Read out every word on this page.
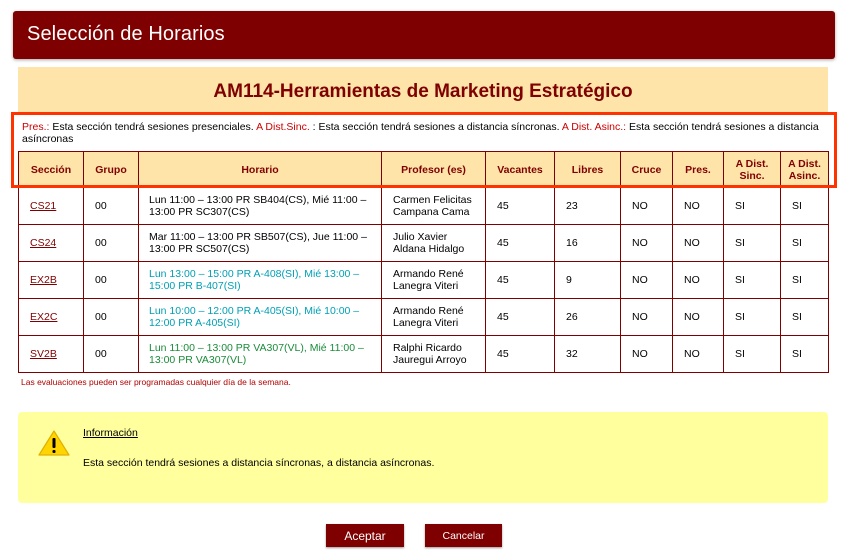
Selección de Horarios
AM114-Herramientas de Marketing Estratégico
Pres.: Esta sección tendrá sesiones presenciales. A Dist.Sinc. : Esta sección tendrá sesiones a distancia síncronas. A Dist. Asinc.: Esta sección tendrá sesiones a distancia asíncronas
Sección	Grupo	Horario	Profesor (es)	Vacantes	Libres	Cruce	Pres.	A Dist. Sinc.	A Dist. Asinc.
CS21	00	Lun 11:00 – 13:00 PR SB404(CS), Mié 11:00 – 13:00 PR SC307(CS)	Carmen Felicitas Campana Cama	45	23	NO	NO	SI	SI
CS24	00	Mar 11:00 – 13:00 PR SB507(CS), Jue 11:00 – 13:00 PR SC507(CS)	Julio Xavier Aldana Hidalgo	45	16	NO	NO	SI	SI
EX2B	00	Lun 13:00 – 15:00 PR A-408(SI), Mié 13:00 – 15:00 PR B-407(SI)	Armando René Lanegra Viteri	45	9	NO	NO	SI	SI
EX2C	00	Lun 10:00 – 12:00 PR A-405(SI), Mié 10:00 – 12:00 PR A-405(SI)	Armando René Lanegra Viteri	45	26	NO	NO	SI	SI
SV2B	00	Lun 11:00 – 13:00 PR VA307(VL), Mié 11:00 – 13:00 PR VA307(VL)	Ralphi Ricardo Jauregui Arroyo	45	32	NO	NO	SI	SI
Las evaluaciones pueden ser programadas cualquier día de la semana.
Información
Esta sección tendrá sesiones a distancia síncronas, a distancia asíncronas.
Aceptar	Cancelar
